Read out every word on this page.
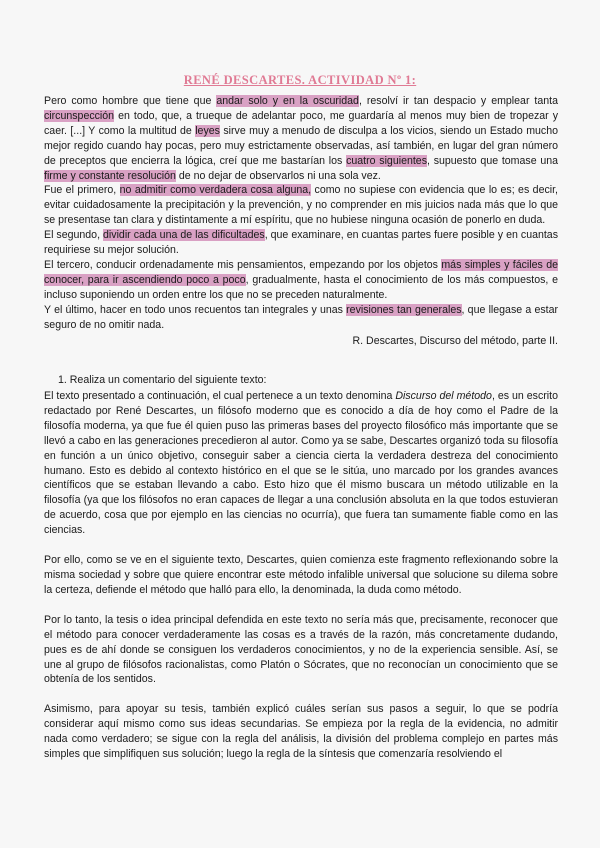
RENÉ DESCARTES. ACTIVIDAD Nº 1:

Pero como hombre que tiene que andar solo y en la oscuridad, resolví ir tan despacio y emplear tanta circunspección en todo, que, a trueque de adelantar poco, me guardaría al menos muy bien de tropezar y caer. [...] Y como la multitud de leyes sirve muy a menudo de disculpa a los vicios, siendo un Estado mucho mejor regido cuando hay pocas, pero muy estrictamente observadas, así también, en lugar del gran número de preceptos que encierra la lógica, creí que me bastarían los cuatro siguientes, supuesto que tomase una firme y constante resolución de no dejar de observarlos ni una sola vez.

Fue el primero, no admitir como verdadera cosa alguna, como no supiese con evidencia que lo es; es decir, evitar cuidadosamente la precipitación y la prevención, y no comprender en mis juicios nada más que lo que se presentase tan clara y distintamente a mí espíritu, que no hubiese ninguna ocasión de ponerlo en duda.

El segundo, dividir cada una de las dificultades, que examinare, en cuantas partes fuere posible y en cuantas requiriese su mejor solución.

El tercero, conducir ordenadamente mis pensamientos, empezando por los objetos más simples y fáciles de conocer, para ir ascendiendo poco a poco, gradualmente, hasta el conocimiento de los más compuestos, e incluso suponiendo un orden entre los que no se preceden naturalmente.

Y el último, hacer en todo unos recuentos tan integrales y unas revisiones tan generales, que llegase a estar seguro de no omitir nada.

R. Descartes, Discurso del método, parte II.

1. Realiza un comentario del siguiente texto:

El texto presentado a continuación, el cual pertenece a un texto denomina Discurso del método, es un escrito redactado por René Descartes, un filósofo moderno que es conocido a día de hoy como el Padre de la filosofía moderna, ya que fue él quien puso las primeras bases del proyecto filosófico más importante que se llevó a cabo en las generaciones precedieron al autor. Como ya se sabe, Descartes organizó toda su filosofía en función a un único objetivo, conseguir saber a ciencia cierta la verdadera destreza del conocimiento humano. Esto es debido al contexto histórico en el que se le sitúa, uno marcado por los grandes avances científicos que se estaban llevando a cabo. Esto hizo que él mismo buscara un método utilizable en la filosofía (ya que los filósofos no eran capaces de llegar a una conclusión absoluta en la que todos estuvieran de acuerdo, cosa que por ejemplo en las ciencias no ocurría), que fuera tan sumamente fiable como en las ciencias.

Por ello, como se ve en el siguiente texto, Descartes, quien comienza este fragmento reflexionando sobre la misma sociedad y sobre que quiere encontrar este método infalible universal que solucione su dilema sobre la certeza, defiende el método que halló para ello, la denominada, la duda como método.

Por lo tanto, la tesis o idea principal defendida en este texto no sería más que, precisamente, reconocer que el método para conocer verdaderamente las cosas es a través de la razón, más concretamente dudando, pues es de ahí donde se consiguen los verdaderos conocimientos, y no de la experiencia sensible. Así, se une al grupo de filósofos racionalistas, como Platón o Sócrates, que no reconocían un conocimiento que se obtenía de los sentidos.

Asimismo, para apoyar su tesis, también explicó cuáles serían sus pasos a seguir, lo que se podría considerar aquí mismo como sus ideas secundarias. Se empieza por la regla de la evidencia, no admitir nada como verdadero; se sigue con la regla del análisis, la división del problema complejo en partes más simples que simplifiquen sus solución; luego la regla de la síntesis que comenzaría resolviendo el
